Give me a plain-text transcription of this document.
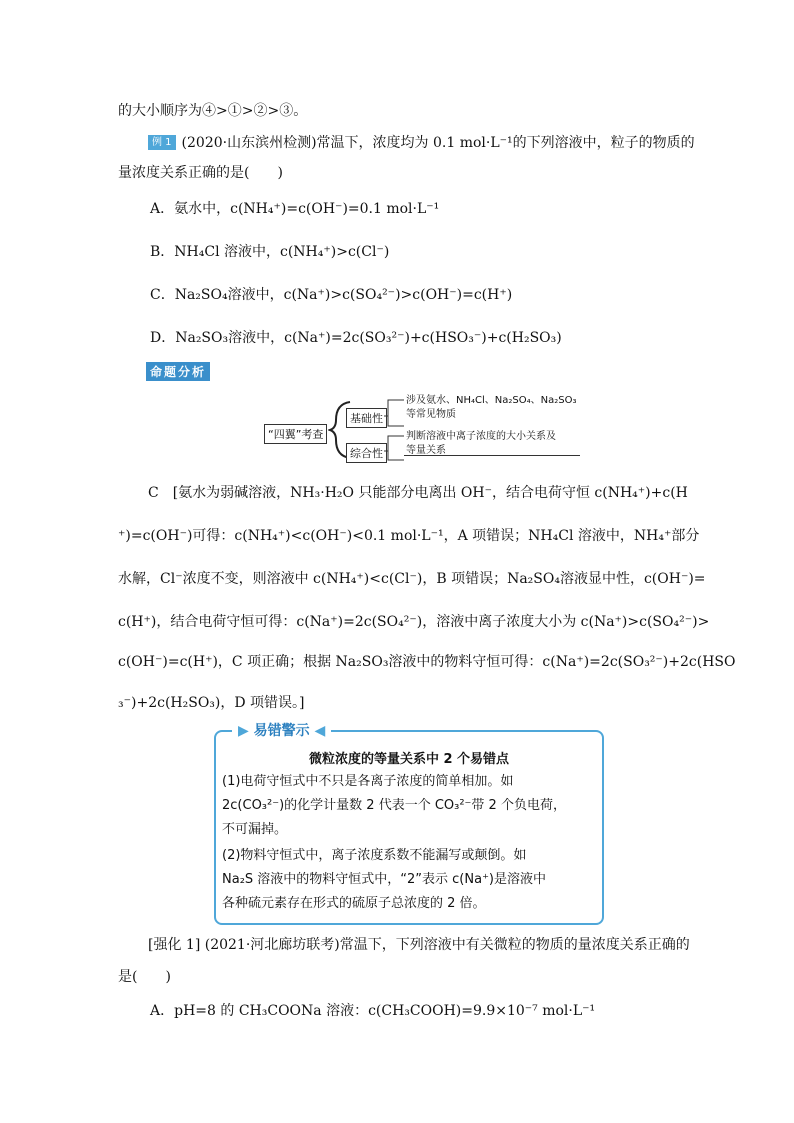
的大小顺序为④>①>②>③。
例 1 (2020·山东滨州检测)常温下，浓度均为 0.1 mol·L⁻¹的下列溶液中，粒子的物质的
量浓度关系正确的是(　　)
A．氨水中，c(NH₄⁺)=c(OH⁻)=0.1 mol·L⁻¹
B．NH₄Cl 溶液中，c(NH₄⁺)>c(Cl⁻)
C．Na₂SO₄溶液中，c(Na⁺)>c(SO₄²⁻)>c(OH⁻)=c(H⁺)
D．Na₂SO₃溶液中，c(Na⁺)=2c(SO₃²⁻)+c(HSO₃⁻)+c(H₂SO₃)
命题分析
“四翼”考查
基础性
综合性
涉及氨水、NH₄Cl、Na₂SO₄、Na₂SO₃
等常见物质
判断溶液中离子浓度的大小关系及
等量关系
C　[氨水为弱碱溶液，NH₃·H₂O 只能部分电离出 OH⁻，结合电荷守恒 c(NH₄⁺)+c(H
⁺)=c(OH⁻)可得：c(NH₄⁺)<c(OH⁻)<0.1 mol·L⁻¹，A 项错误；NH₄Cl 溶液中，NH₄⁺部分
水解，Cl⁻浓度不变，则溶液中 c(NH₄⁺)<c(Cl⁻)，B 项错误；Na₂SO₄溶液显中性，c(OH⁻)=
c(H⁺)，结合电荷守恒可得：c(Na⁺)=2c(SO₄²⁻)，溶液中离子浓度大小为 c(Na⁺)>c(SO₄²⁻)>
c(OH⁻)=c(H⁺)，C 项正确；根据 Na₂SO₃溶液中的物料守恒可得：c(Na⁺)=2c(SO₃²⁻)+2c(HSO
₃⁻)+2c(H₂SO₃)，D 项错误。]
▶ 易错警示 ◀
微粒浓度的等量关系中 2 个易错点
(1)电荷守恒式中不只是各离子浓度的简单相加。如
2c(CO₃²⁻)的化学计量数 2 代表一个 CO₃²⁻带 2 个负电荷，
不可漏掉。
(2)物料守恒式中，离子浓度系数不能漏写或颠倒。如
Na₂S 溶液中的物料守恒式中，“2”表示 c(Na⁺)是溶液中
各种硫元素存在形式的硫原子总浓度的 2 倍。
[强化 1] (2021·河北廊坊联考)常温下，下列溶液中有关微粒的物质的量浓度关系正确的
是(　　)
A．pH=8 的 CH₃COONa 溶液：c(CH₃COOH)=9.9×10⁻⁷ mol·L⁻¹
